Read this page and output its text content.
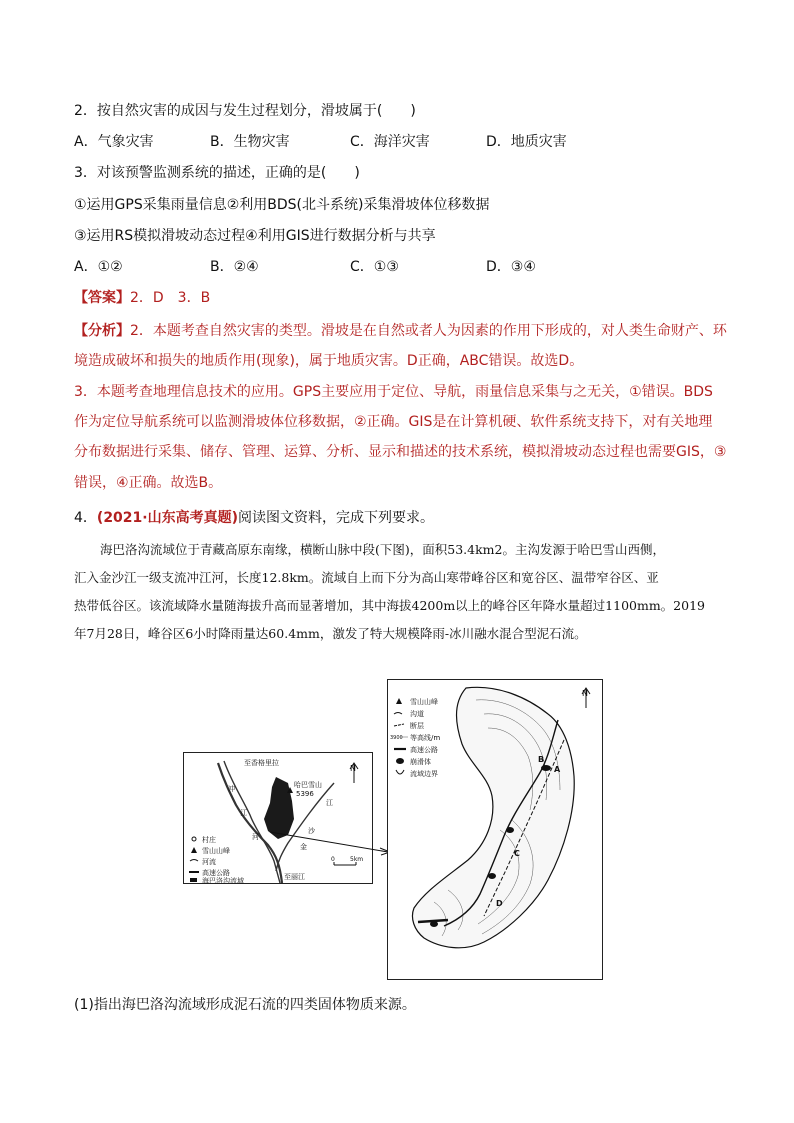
2．按自然灾害的成因与发生过程划分，滑坡属于(　　)
A．气象灾害	B．生物灾害	C．海洋灾害	D．地质灾害
3．对该预警监测系统的描述，正确的是(　　)
①运用GPS采集雨量信息②利用BDS(北斗系统)采集滑坡体位移数据
③运用RS模拟滑坡动态过程④利用GIS进行数据分析与共享
A．①②	B．②④	C．①③	D．③④
【答案】2．D　3．B
【分析】2．本题考查自然灾害的类型。滑坡是在自然或者人为因素的作用下形成的，对人类生命财产、环
境造成破坏和损失的地质作用(现象)，属于地质灾害。D正确，ABC错误。故选D。
3．本题考查地理信息技术的应用。GPS主要应用于定位、导航，雨量信息采集与之无关，①错误。BDS
作为定位导航系统可以监测滑坡体位移数据，②正确。GIS是在计算机硬、软件系统支持下，对有关地理
分布数据进行采集、储存、管理、运算、分析、显示和描述的技术系统，模拟滑坡动态过程也需要GIS，③
错误，④正确。故选B。
4．(2021·山东高考真题)阅读图文资料，完成下列要求。
海巴洛沟流域位于青藏高原东南缘，横断山脉中段(下图)，面积53.4km2。主沟发源于哈巴雪山西侧，
汇入金沙江一级支流冲江河，长度12.8km。流域自上而下分为高山寒带峰谷区和宽谷区、温带窄谷区、亚
热带低谷区。该流域降水量随海拔升高而显著增加，其中海拔4200m以上的峰谷区年降水量超过1100mm。2019
年7月28日，峰谷区6小时降雨量达60.4mm，激发了特大规模降雨-冰川融水混合型泥石流。
哈巴雪山
5396
至香格里拉
至丽江
冲
江
河
金
沙
江
N
0	5km
村庄
雪山山峰
河流
高速公路
海巴洛沟流域
A
B
C
D
N
雪山山峰
沟道
断层
3900 等高线/m
高速公路
崩滑体
流域边界
(1)指出海巴洛沟流域形成泥石流的四类固体物质来源。
